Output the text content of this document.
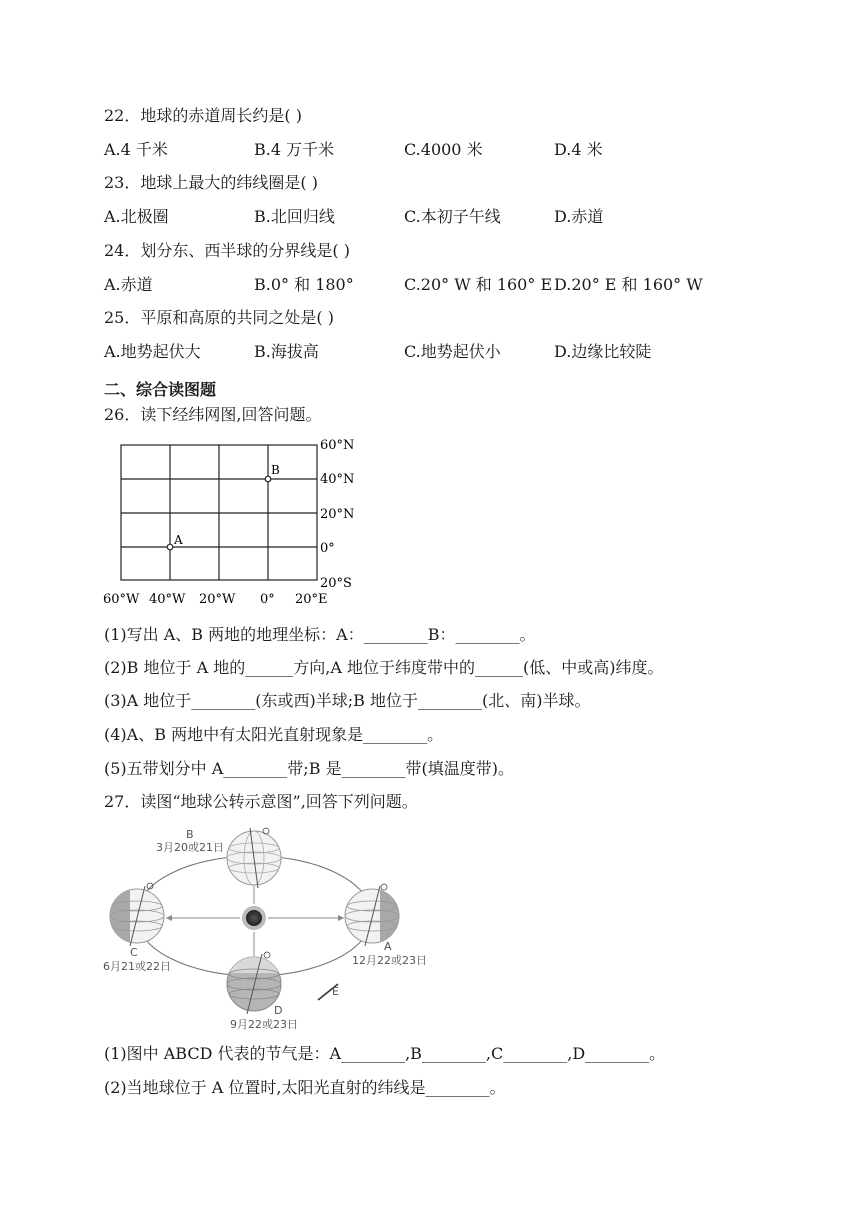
22．地球的赤道周长约是( )
A.4 千米	B.4 万千米	C.4000 米	D.4 米
23．地球上最大的纬线圈是( )
A.北极圈	B.北回归线	C.本初子午线	D.赤道
24．划分东、西半球的分界线是( )
A.赤道	B.0° 和 180°	C.20° W 和 160° E D.20° E 和 160° W
25．平原和高原的共同之处是( )
A.地势起伏大	B.海拔高	C.地势起伏小	D.边缘比较陡
二、综合读图题
26．读下经纬网图,回答问题。
A
B
60°N
40°N
20°N
0°
20°S
60°W 40°W 20°W 0° 20°E
(1)写出 A、B 两地的地理坐标：A：________B：________。
(2)B 地位于 A 地的______方向,A 地位于纬度带中的______(低、中或高)纬度。
(3)A 地位于________(东或西)半球;B 地位于________(北、南)半球。
(4)A、B 两地中有太阳光直射现象是________。
(5)五带划分中 A________带;B 是________带(填温度带)。
27．读图“地球公转示意图”,回答下列问题。
B
3月20或21日
C
6月21或22日
A
12月22或23日
D
9月22或23日
E
(1)图中 ABCD 代表的节气是：A________,B________,C________,D________。
(2)当地球位于 A 位置时,太阳光直射的纬线是________。
